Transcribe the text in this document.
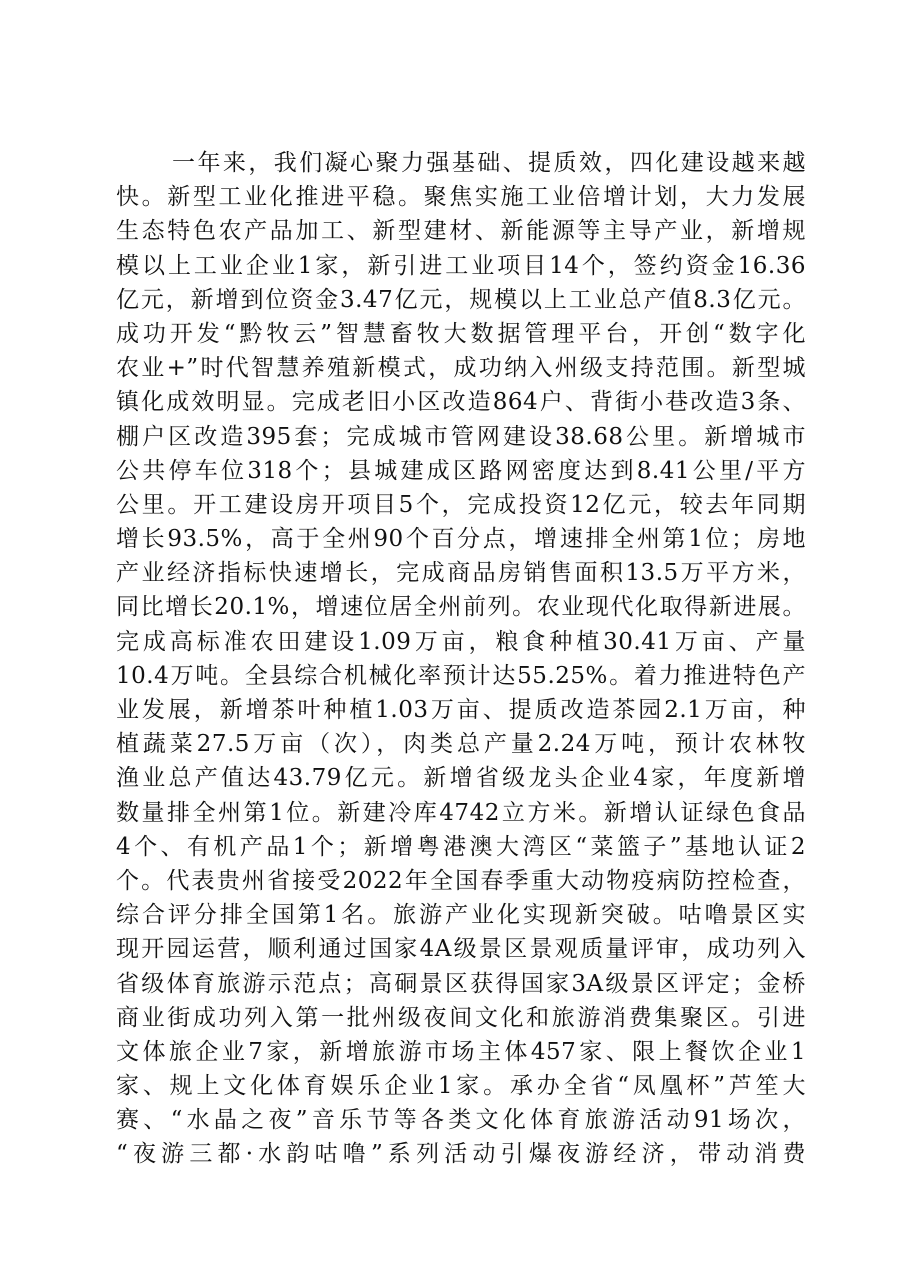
一年来，我们凝心聚力强基础、提质效，四化建设越来越
快。新型工业化推进平稳。聚焦实施工业倍增计划，大力发展
生态特色农产品加工、新型建材、新能源等主导产业，新增规
模以上工业企业1家，新引进工业项目14个，签约资金16.36
亿元，新增到位资金3.47亿元，规模以上工业总产值8.3亿元。
成功开发“黔牧云”智慧畜牧大数据管理平台，开创“数字化
农业+”时代智慧养殖新模式，成功纳入州级支持范围。新型城
镇化成效明显。完成老旧小区改造864户、背街小巷改造3条、
棚户区改造395套；完成城市管网建设38.68公里。新增城市
公共停车位318个；县城建成区路网密度达到8.41公里/平方
公里。开工建设房开项目5个，完成投资12亿元，较去年同期
增长93.5%，高于全州90个百分点，增速排全州第1位；房地
产业经济指标快速增长，完成商品房销售面积13.5万平方米，
同比增长20.1%，增速位居全州前列。农业现代化取得新进展。
完成高标准农田建设1.09万亩，粮食种植30.41万亩、产量
10.4万吨。全县综合机械化率预计达55.25%。着力推进特色产
业发展，新增茶叶种植1.03万亩、提质改造茶园2.1万亩，种
植蔬菜27.5万亩（次），肉类总产量2.24万吨，预计农林牧
渔业总产值达43.79亿元。新增省级龙头企业4家，年度新增
数量排全州第1位。新建冷库4742立方米。新增认证绿色食品
4个、有机产品1个；新增粤港澳大湾区“菜篮子”基地认证2
个。代表贵州省接受2022年全国春季重大动物疫病防控检查，
综合评分排全国第1名。旅游产业化实现新突破。咕噜景区实
现开园运营，顺利通过国家4A级景区景观质量评审，成功列入
省级体育旅游示范点；高硐景区获得国家3A级景区评定；金桥
商业街成功列入第一批州级夜间文化和旅游消费集聚区。引进
文体旅企业7家，新增旅游市场主体457家、限上餐饮企业1
家、规上文化体育娱乐企业1家。承办全省“凤凰杯”芦笙大
赛、“水晶之夜”音乐节等各类文化体育旅游活动91场次，
“夜游三都·水韵咕噜”系列活动引爆夜游经济，带动消费
